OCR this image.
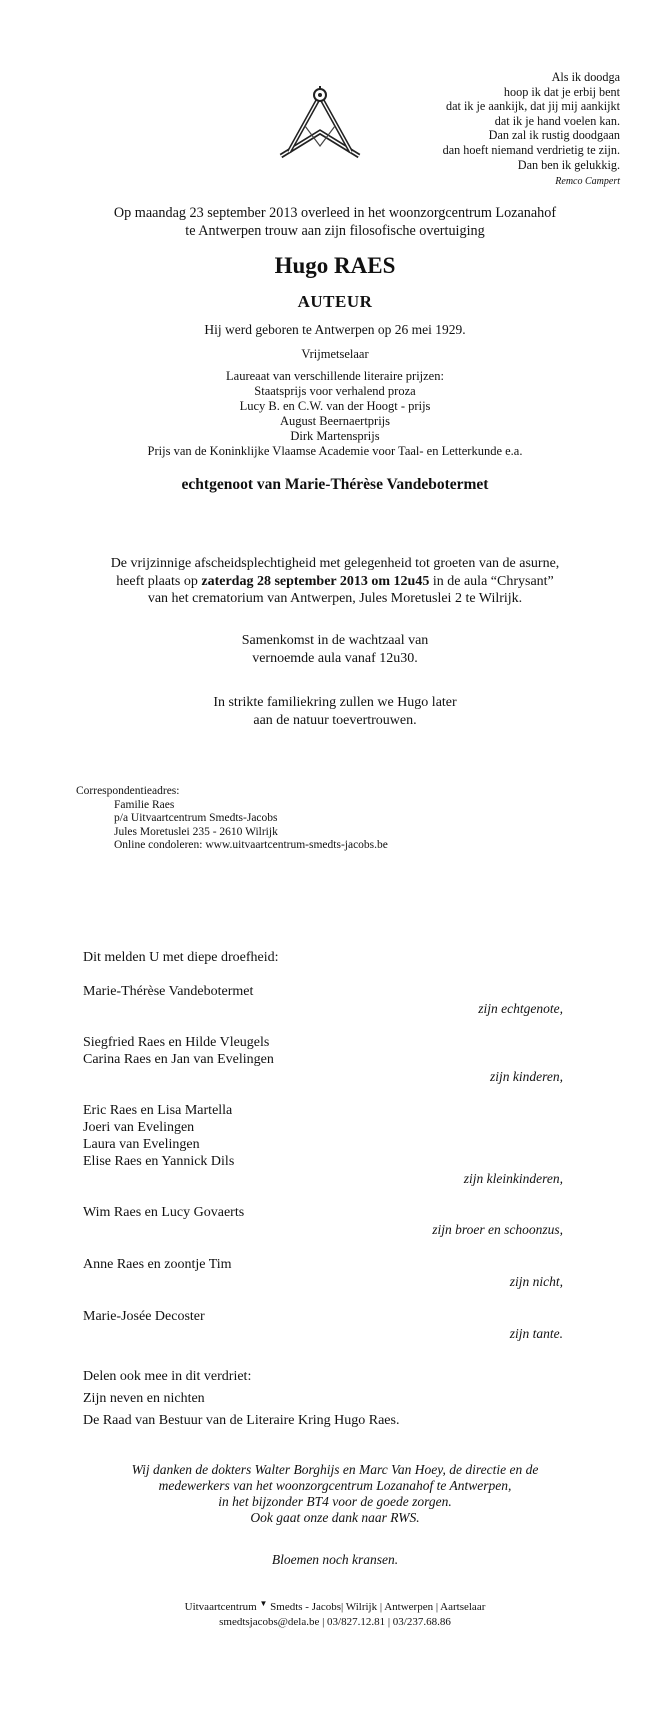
Als ik doodga
hoop ik dat je erbij bent
dat ik je aankijk, dat jij mij aankijkt
dat ik je hand voelen kan.
Dan zal ik rustig doodgaan
dan hoeft niemand verdrietig te zijn.
Dan ben ik gelukkig.
Remco Campert
Op maandag 23 september 2013 overleed in het woonzorgcentrum Lozanahof
te Antwerpen trouw aan zijn filosofische overtuiging
Hugo RAES
AUTEUR
Hij werd geboren te Antwerpen op 26 mei 1929.
Vrijmetselaar
Laureaat van verschillende literaire prijzen:
Staatsprijs voor verhalend proza
Lucy B. en C.W. van der Hoogt - prijs
August Beernaertprijs
Dirk Martensprijs
Prijs van de Koninklijke Vlaamse Academie voor Taal- en Letterkunde e.a.
echtgenoot van Marie-Thérèse Vandebotermet
De vrijzinnige afscheidsplechtigheid met gelegenheid tot groeten van de asurne,
heeft plaats op zaterdag 28 september 2013 om 12u45 in de aula “Chrysant”
van het crematorium van Antwerpen, Jules Moretuslei 2 te Wilrijk.
Samenkomst in de wachtzaal van
vernoemde aula vanaf 12u30.
In strikte familiekring zullen we Hugo later
aan de natuur toevertrouwen.
Correspondentieadres:
Familie Raes
p/a Uitvaartcentrum Smedts-Jacobs
Jules Moretuslei 235 - 2610 Wilrijk
Online condoleren: www.uitvaartcentrum-smedts-jacobs.be
Dit melden U met diepe droefheid:
Marie-Thérèse Vandebotermet
zijn echtgenote,
Siegfried Raes en Hilde Vleugels
Carina Raes en Jan van Evelingen
zijn kinderen,
Eric Raes en Lisa Martella
Joeri van Evelingen
Laura van Evelingen
Elise Raes en Yannick Dils
zijn kleinkinderen,
Wim Raes en Lucy Govaerts
zijn broer en schoonzus,
Anne Raes en zoontje Tim
zijn nicht,
Marie-Josée Decoster
zijn tante.
Delen ook mee in dit verdriet:
Zijn neven en nichten
De Raad van Bestuur van de Literaire Kring Hugo Raes.
Wij danken de dokters Walter Borghijs en Marc Van Hoey, de directie en de
medewerkers van het woonzorgcentrum Lozanahof te Antwerpen,
in het bijzonder BT4 voor de goede zorgen.
Ook gaat onze dank naar RWS.
Bloemen noch kransen.
Uitvaartcentrum ▼ Smedts - Jacobs| Wilrijk | Antwerpen | Aartselaar
smedtsjacobs@dela.be | 03/827.12.81 | 03/237.68.86
